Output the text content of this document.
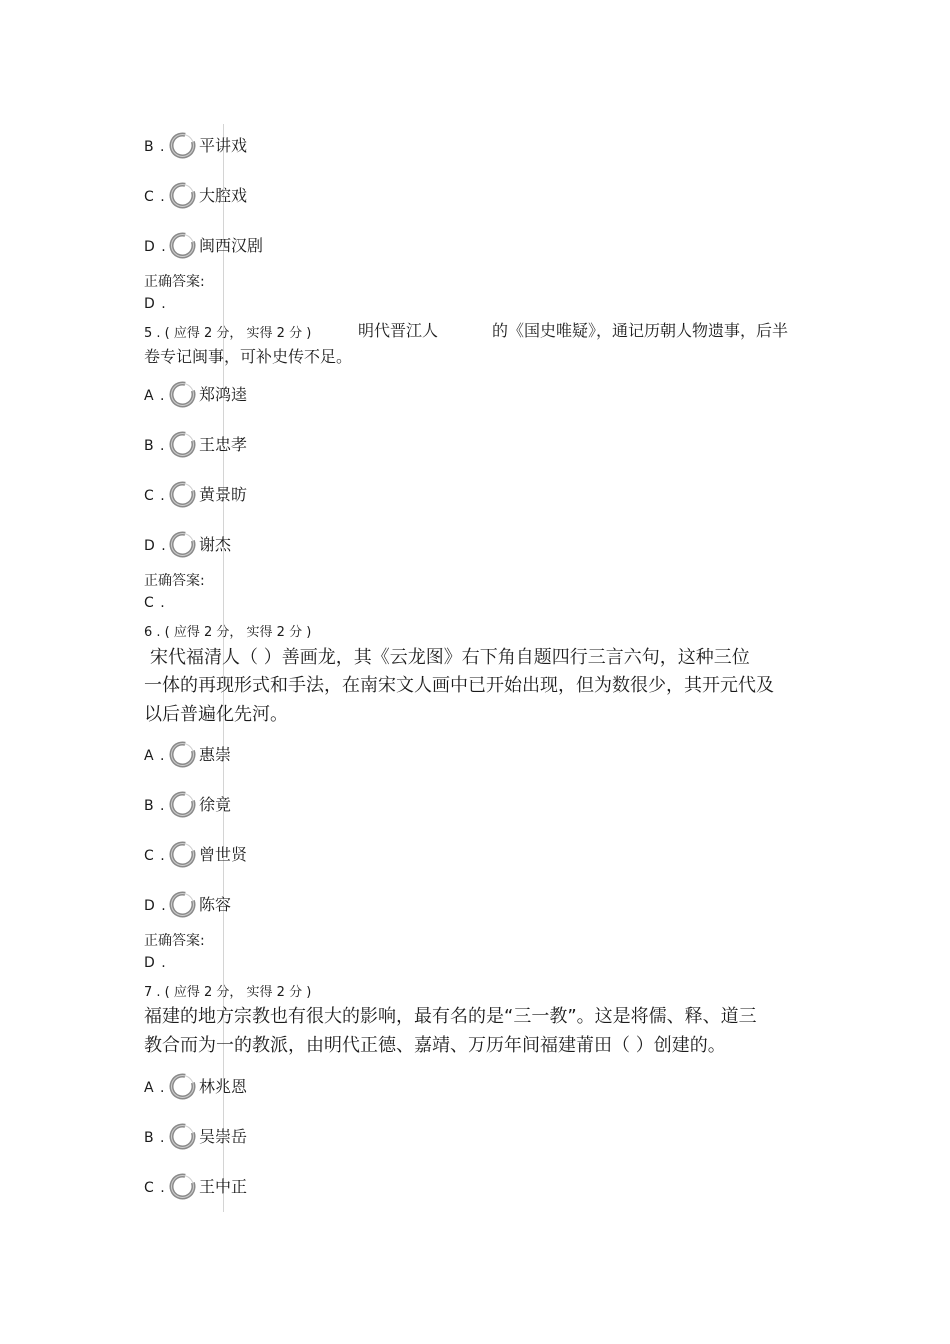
B . 平讲戏
C . 大腔戏
D . 闽西汉剧
正确答案:
D .
5 . ( 应得 2 分， 实得 2 分 )	明代晋江人	的《国史唯疑》，通记历朝人物遗事，后半
卷专记闽事，可补史传不足。
A . 郑鸿逵
B . 王忠孝
C . 黄景昉
D . 谢杰
正确答案:
C .
6 . ( 应得 2 分， 实得 2 分 )
宋代福清人（ ）善画龙，其《云龙图》右下角自题四行三言六句，这种三位
一体的再现形式和手法，在南宋文人画中已开始出现，但为数很少，其开元代及
以后普遍化先河。
A . 惠崇
B . 徐竟
C . 曾世贤
D . 陈容
正确答案:
D .
7 . ( 应得 2 分， 实得 2 分 )
福建的地方宗教也有很大的影响，最有名的是“三一教”。这是将儒、释、道三
教合而为一的教派，由明代正德、嘉靖、万历年间福建莆田（ ）创建的。
A . 林兆恩
B . 吴崇岳
C . 王中正
